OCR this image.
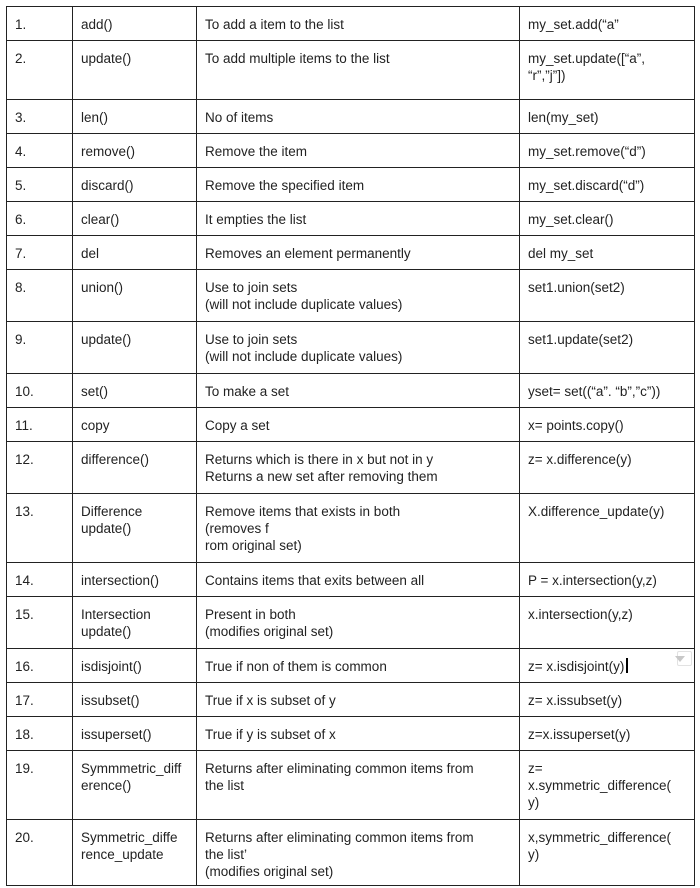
1.	add()	To add a item to the list	my_set.add(“a”
2.	update()	To add multiple items to the list	my_set.update([“a”,
“r”,”j”])
3.	len()	No of items	len(my_set)
4.	remove()	Remove the item	my_set.remove(“d”)
5.	discard()	Remove the specified item	my_set.discard(“d”)
6.	clear()	It empties the list	my_set.clear()
7.	del	Removes an element permanently	del my_set
8.	union()	Use to join sets
(will not include duplicate values)	set1.union(set2)
9.	update()	Use to join sets
(will not include duplicate values)	set1.update(set2)
10.	set()	To make a set	yset= set((“a”. “b”,”c”))
11.	copy	Copy a set	x= points.copy()
12.	difference()	Returns which is there in x but not in y
Returns a new set after removing them	z= x.difference(y)
13.	Difference
update()	Remove items that exists in both
(removes f
rom original set)	X.difference_update(y)
14.	intersection()	Contains items that exits between all	P = x.intersection(y,z)
15.	Intersection
update()	Present in both
(modifies original set)	x.intersection(y,z)
16.	isdisjoint()	True if non of them is common	z= x.isdisjoint(y)

17.	issubset()	True if x is subset of y	z= x.issubset(y)
18.	issuperset()	True if y is subset of x	z=x.issuperset(y)
19.	Symmmetric_diff
erence()	Returns after eliminating common items from
the list	z=
x.symmetric_difference(
y)
20.	Symmetric_diffe
rence_update	Returns after eliminating common items from
the list’
(modifies original set)	x,symmetric_difference(
y)
